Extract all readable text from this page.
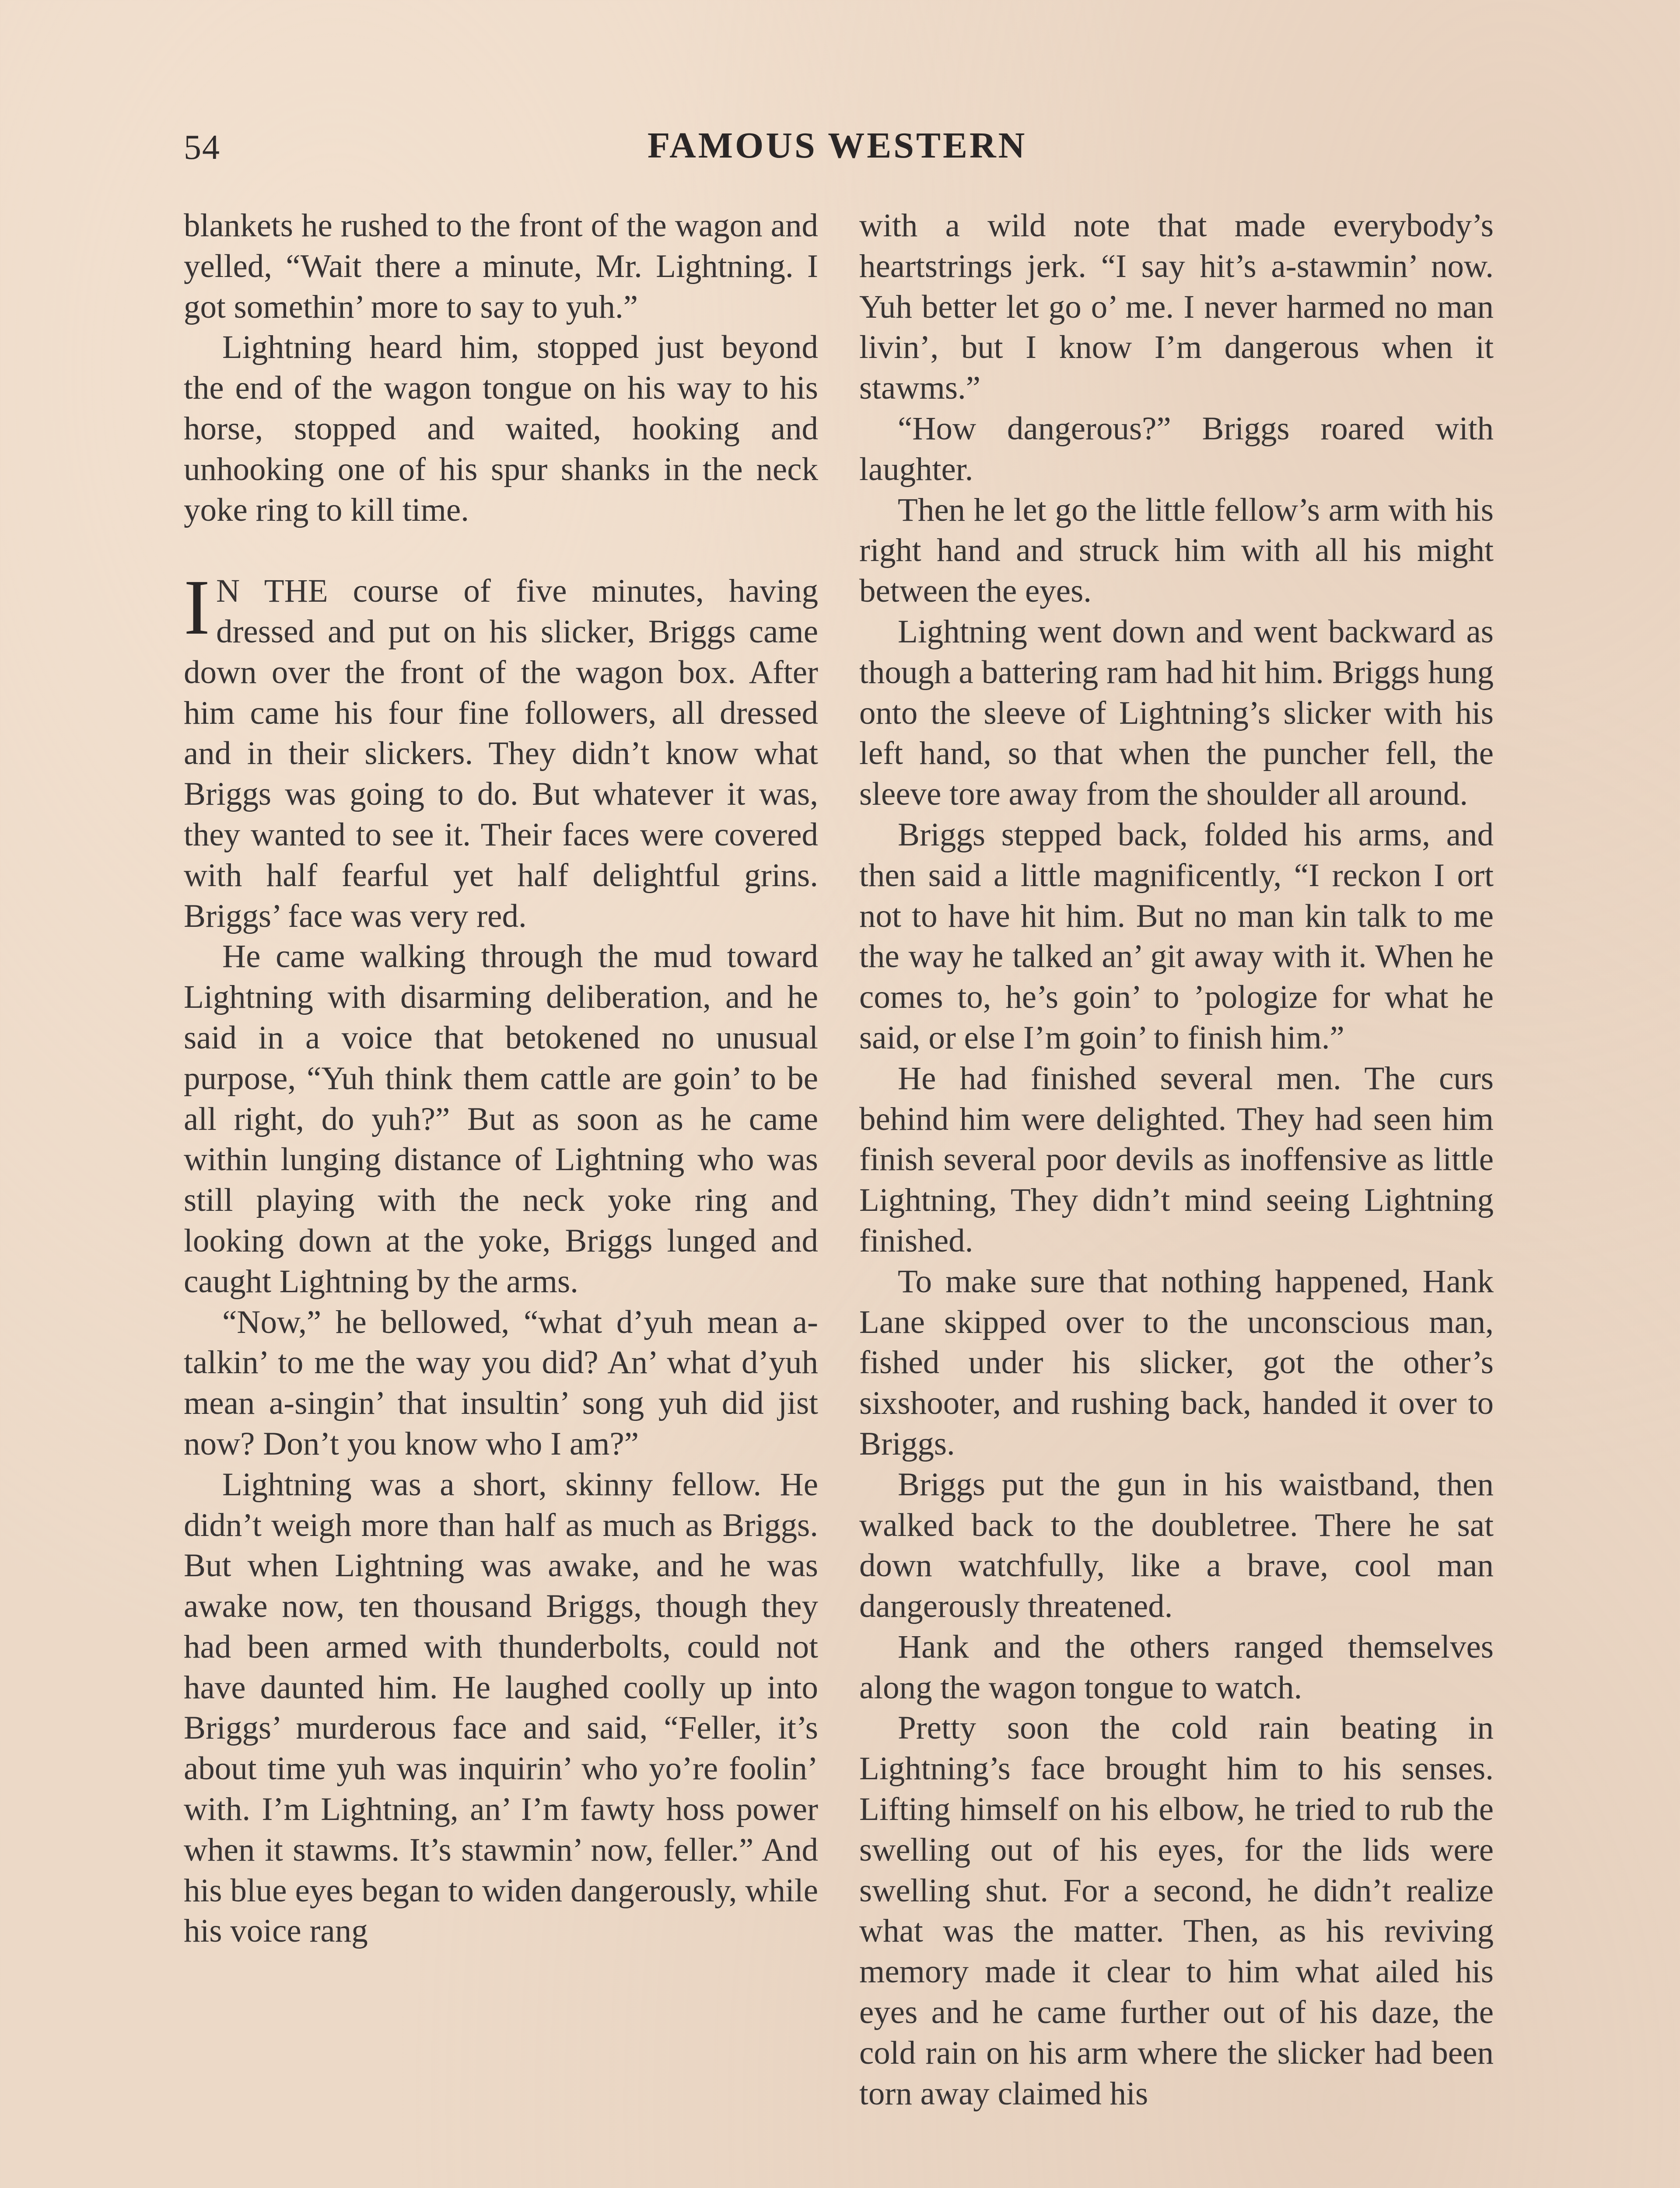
54	FAMOUS WESTERN

blankets he rushed to the front of the wagon and yelled, “Wait there a minute, Mr. Lightning. I got somethin’ more to say to yuh.”

Lightning heard him, stopped just beyond the end of the wagon tongue on his way to his horse, stopped and waited, hooking and unhooking one of his spur shanks in the neck yoke ring to kill time.

I N THE course of five minutes, having dressed and put on his slicker, Briggs came down over the front of the wagon box. After him came his four fine followers, all dressed and in their slickers. They didn’t know what Briggs was going to do. But whatever it was, they wanted to see it. Their faces were covered with half fearful yet half delightful grins. Briggs’ face was very red.

He came walking through the mud toward Lightning with disarming deliberation, and he said in a voice that betokened no unusual purpose, “Yuh think them cattle are goin’ to be all right, do yuh?” But as soon as he came within lunging distance of Lightning who was still playing with the neck yoke ring and looking down at the yoke, Briggs lunged and caught Lightning by the arms.

“Now,” he bellowed, “what d’yuh mean a-talkin’ to me the way you did? An’ what d’yuh mean a-singin’ that insultin’ song yuh did jist now? Don’t you know who I am?”

Lightning was a short, skinny fellow. He didn’t weigh more than half as much as Briggs. But when Lightning was awake, and he was awake now, ten thousand Briggs, though they had been armed with thunderbolts, could not have daunted him. He laughed coolly up into Briggs’ murderous face and said, “Feller, it’s about time yuh was inquirin’ who yo’re foolin’ with. I’m Lightning, an’ I’m fawty hoss power when it stawms. It’s stawmin’ now, feller.” And his blue eyes began to widen dangerously, while his voice rang

with a wild note that made everybody’s heartstrings jerk. “I say hit’s a-stawmin’ now. Yuh better let go o’ me. I never harmed no man livin’, but I know I’m dangerous when it stawms.”

“How dangerous?” Briggs roared with laughter.

Then he let go the little fellow’s arm with his right hand and struck him with all his might between the eyes.

Lightning went down and went backward as though a battering ram had hit him. Briggs hung onto the sleeve of Lightning’s slicker with his left hand, so that when the puncher fell, the sleeve tore away from the shoulder all around.

Briggs stepped back, folded his arms, and then said a little magnificently, “I reckon I ort not to have hit him. But no man kin talk to me the way he talked an’ git away with it. When he comes to, he’s goin’ to ’pologize for what he said, or else I’m goin’ to finish him.”

He had finished several men. The curs behind him were delighted. They had seen him finish several poor devils as inoffensive as little Lightning, They didn’t mind seeing Lightning finished.

To make sure that nothing happened, Hank Lane skipped over to the unconscious man, fished under his slicker, got the other’s sixshooter, and rushing back, handed it over to Briggs.

Briggs put the gun in his waistband, then walked back to the doubletree. There he sat down watchfully, like a brave, cool man dangerously threatened.

Hank and the others ranged themselves along the wagon tongue to watch.

Pretty soon the cold rain beating in Lightning’s face brought him to his senses. Lifting himself on his elbow, he tried to rub the swelling out of his eyes, for the lids were swelling shut. For a second, he didn’t realize what was the matter. Then, as his reviving memory made it clear to him what ailed his eyes and he came further out of his daze, the cold rain on his arm where the slicker had been torn away claimed his
